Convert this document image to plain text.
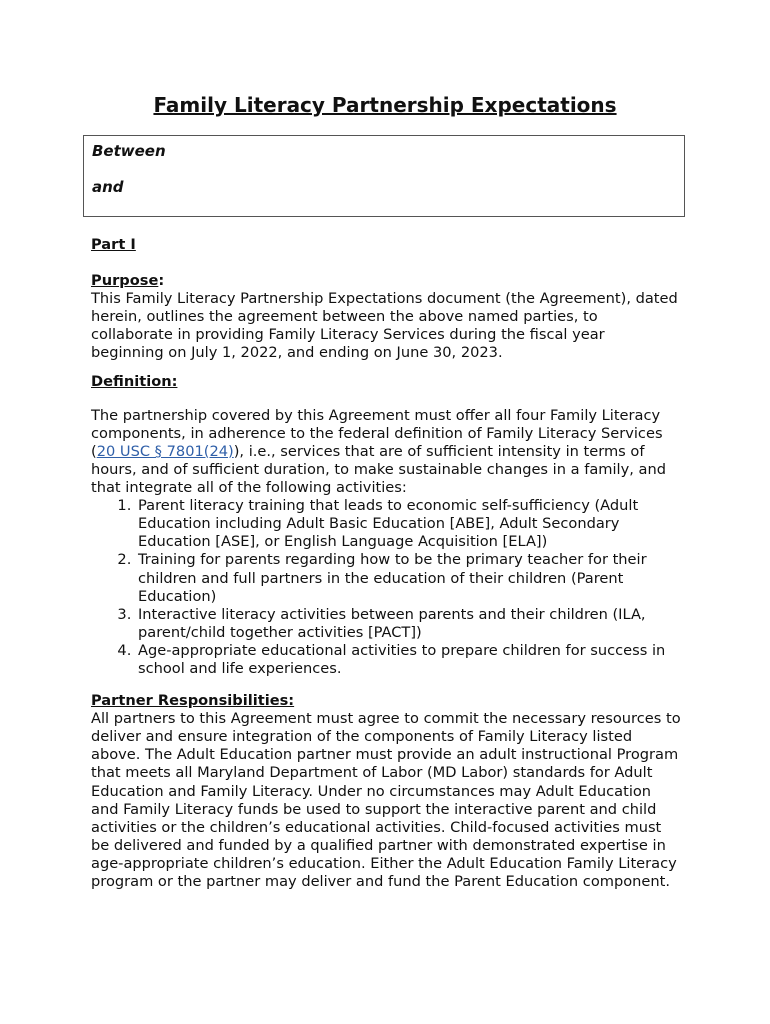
Family Literacy Partnership Expectations
Between
and

Part I

Purpose:

This Family Literacy Partnership Expectations document (the Agreement), dated herein, outlines the agreement between the above named parties, to collaborate in providing Family Literacy Services during the fiscal year beginning on July 1, 2022, and ending on June 30, 2023.

Definition:

The partnership covered by this Agreement must offer all four Family Literacy components, in adherence to the federal definition of Family Literacy Services (20 USC § 7801(24)), i.e., services that are of sufficient intensity in terms of hours, and of sufficient duration, to make sustainable changes in a family, and that integrate all of the following activities:

1. Parent literacy training that leads to economic self-sufficiency (Adult Education including Adult Basic Education [ABE], Adult Secondary Education [ASE], or English Language Acquisition [ELA])
2. Training for parents regarding how to be the primary teacher for their children and full partners in the education of their children (Parent Education)
3. Interactive literacy activities between parents and their children (ILA, parent/child together activities [PACT])
4. Age-appropriate educational activities to prepare children for success in school and life experiences.

Partner Responsibilities:

All partners to this Agreement must agree to commit the necessary resources to deliver and ensure integration of the components of Family Literacy listed above. The Adult Education partner must provide an adult instructional Program that meets all Maryland Department of Labor (MD Labor) standards for Adult Education and Family Literacy. Under no circumstances may Adult Education and Family Literacy funds be used to support the interactive parent and child activities or the children’s educational activities. Child-focused activities must be delivered and funded by a qualified partner with demonstrated expertise in age-appropriate children’s education. Either the Adult Education Family Literacy program or the partner may deliver and fund the Parent Education component.
